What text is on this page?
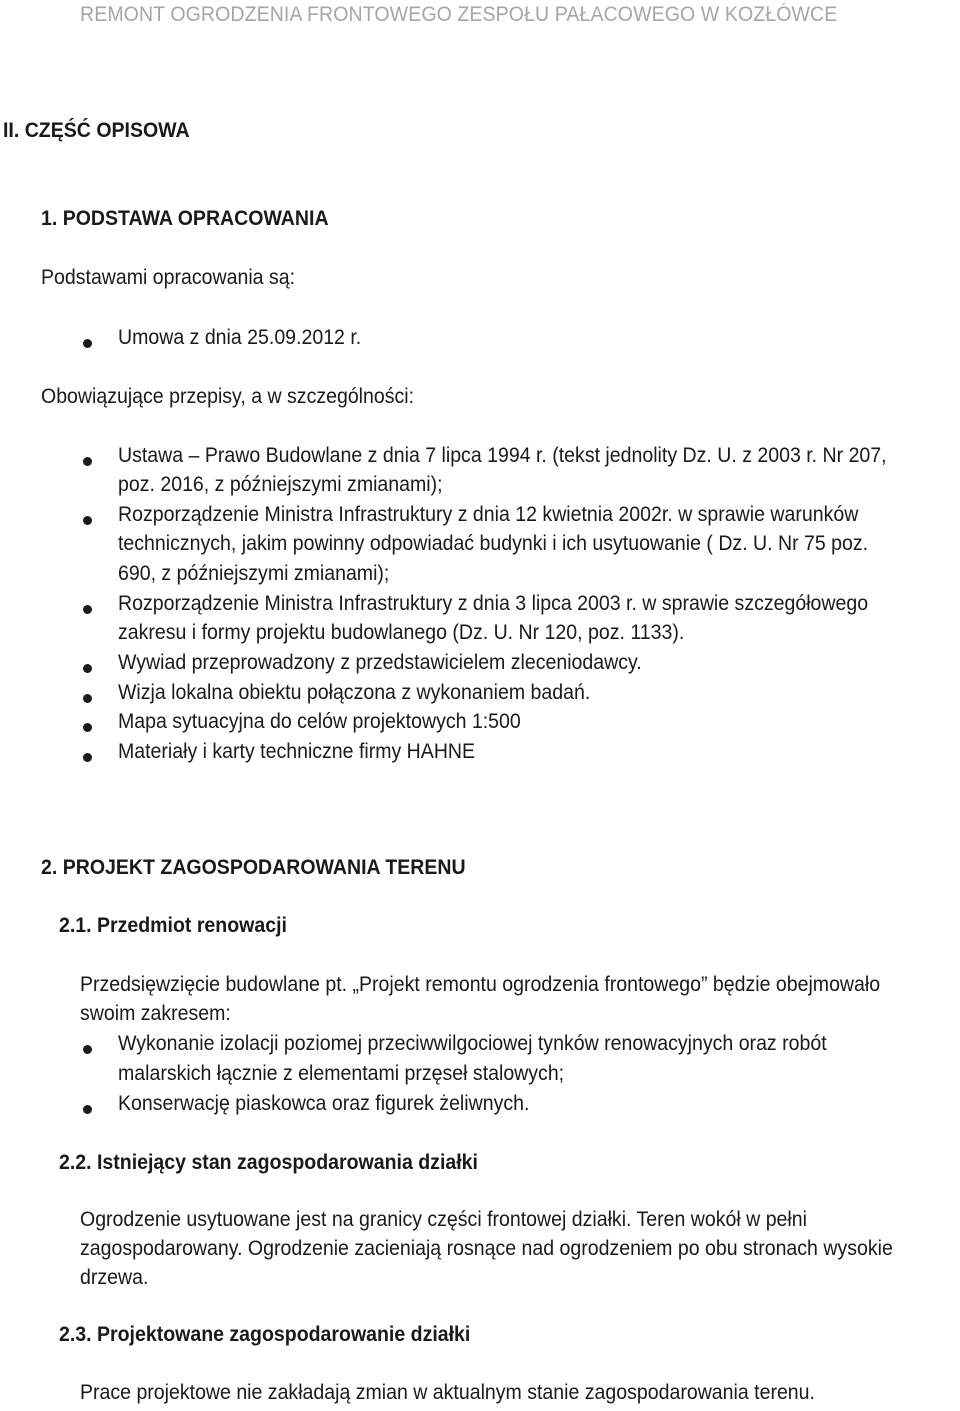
REMONT OGRODZENIA FRONTOWEGO ZESPOŁU PAŁACOWEGO W KOZŁÓWCE
II. CZĘŚĆ OPISOWA
1. PODSTAWA OPRACOWANIA
Podstawami opracowania są:
Umowa z dnia 25.09.2012 r.
Obowiązujące przepisy, a w szczególności:
Ustawa – Prawo Budowlane z dnia 7 lipca 1994 r. (tekst jednolity Dz. U. z 2003 r. Nr 207,
poz. 2016, z późniejszymi zmianami);
Rozporządzenie Ministra Infrastruktury z dnia 12 kwietnia 2002r. w sprawie warunków
technicznych, jakim powinny odpowiadać budynki i ich usytuowanie ( Dz. U. Nr 75 poz.
690, z późniejszymi zmianami);
Rozporządzenie Ministra Infrastruktury z dnia 3 lipca 2003 r. w sprawie szczegółowego
zakresu i formy projektu budowlanego (Dz. U. Nr 120, poz. 1133).
Wywiad przeprowadzony z przedstawicielem zleceniodawcy.
Wizja lokalna obiektu połączona z wykonaniem badań.
Mapa sytuacyjna do celów projektowych 1:500
Materiały i karty techniczne firmy HAHNE
2. PROJEKT ZAGOSPODAROWANIA TERENU
2.1. Przedmiot renowacji
Przedsięwzięcie budowlane pt. „Projekt remontu ogrodzenia frontowego” będzie obejmowało
swoim zakresem:
Wykonanie izolacji poziomej przeciwwilgociowej tynków renowacyjnych oraz robót
malarskich łącznie z elementami przęseł stalowych;
Konserwację piaskowca oraz figurek żeliwnych.
2.2. Istniejący stan zagospodarowania działki
Ogrodzenie usytuowane jest na granicy części frontowej działki. Teren wokół w pełni
zagospodarowany. Ogrodzenie zacieniają rosnące nad ogrodzeniem po obu stronach wysokie
drzewa.
2.3. Projektowane zagospodarowanie działki
Prace projektowe nie zakładają zmian w aktualnym stanie zagospodarowania terenu.
